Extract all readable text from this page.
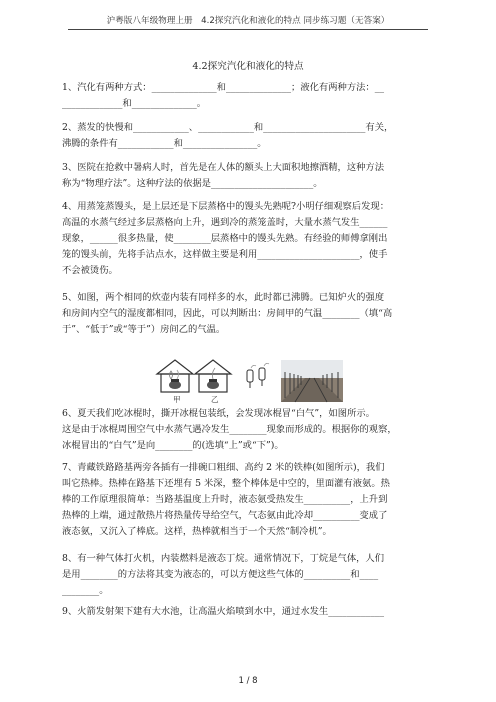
沪粤版八年级物理上册　4.2探究汽化和液化的特点 同步练习题（无答案）
4.2探究汽化和液化的特点
1、汽化有两种方式：______________和______________；液化有两种方法：__
_____________和______________。
2、蒸发的快慢和____________、____________和______________________有关，
沸腾的条件有____________和________________。
3、医院在抢救中暑病人时，首先是在人体的额头上大面积地擦酒精，这种方法
称为“物理疗法”。这种疗法的依据是______________________。
4、用蒸笼蒸馒头，是上层还是下层蒸格中的馒头先熟呢?小明仔细观察后发现：
高温的水蒸气经过多层蒸格向上升，遇到冷的蒸笼盖时，大量水蒸气发生______
现象，______很多热量，使________层蒸格中的馒头先熟。有经验的师傅拿刚出
笼的馒头前，先将手沾点水，这样做主要是利用______________________，使手
不会被烫伤。
5、如图，两个相同的炊壶内装有同样多的水，此时都已沸腾。已知炉火的强度
和房间内空气的湿度都相同，因此，可以判断出：房间甲的气温________（填“高
于”、“低于”或“等于”）房间乙的气温。
甲	乙
6、夏天我们吃冰棍时，撕开冰棍包装纸，会发现冰棍冒“白气”，如图所示。
这是由于冰棍周围空气中水蒸气遇冷发生________现象而形成的。根据你的观察，
冰棍冒出的“白气”是向________的(选填“上”或“下”)。
7、青藏铁路路基两旁各插有一排碗口粗细、高约 2 米的铁棒(如图所示)，我们
叫它热棒。热棒在路基下还埋有 5 米深，整个棒体是中空的，里面灌有液氨。热
棒的工作原理很简单：当路基温度上升时，液态氨受热发生__________，上升到
热棒的上端，通过散热片将热量传导给空气，气态氨由此冷却__________变成了
液态氨，又沉入了棒底。这样，热棒就相当于一个天然“制冷机”。
8、有一种气体打火机，内装燃料是液态丁烷。通常情况下，丁烷是气体，人们
是用________的方法将其变为液态的，可以方便这些气体的__________和____
________。
9、火箭发射架下建有大水池，让高温火焰喷到水中，通过水发生____________
1 / 8
